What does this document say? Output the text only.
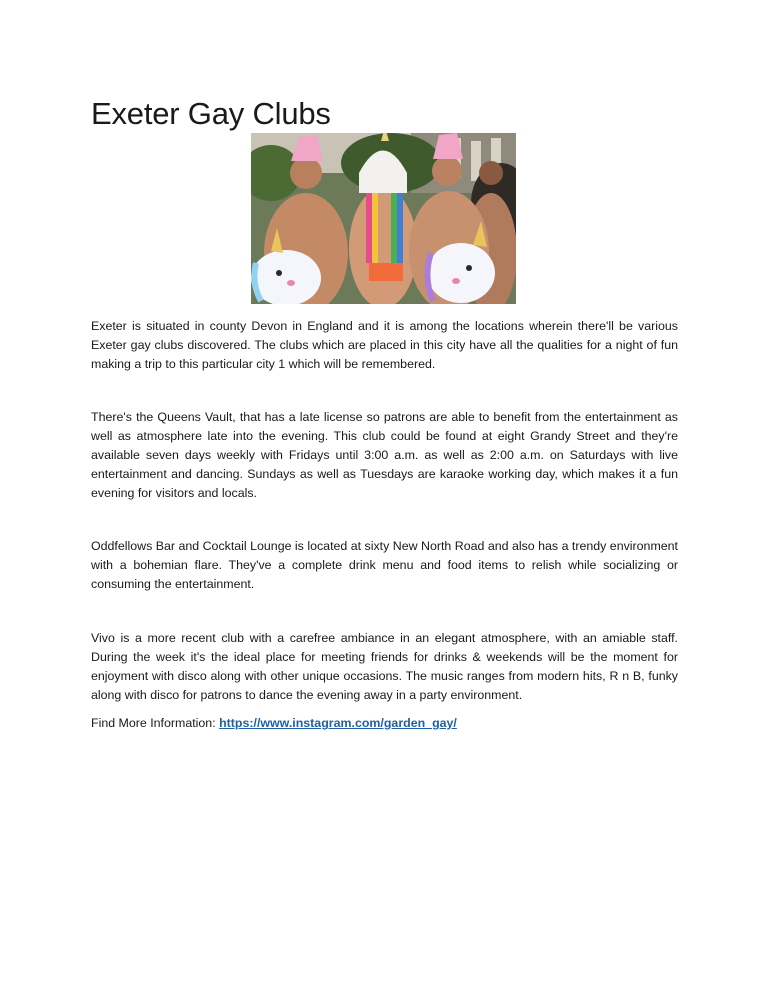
Exeter Gay Clubs

Exeter is situated in county Devon in England and it is among the locations wherein there'll be various Exeter gay clubs discovered. The clubs which are placed in this city have all the qualities for a night of fun making a trip to this particular city 1 which will be remembered.

There's the Queens Vault, that has a late license so patrons are able to benefit from the entertainment as well as atmosphere late into the evening. This club could be found at eight Grandy Street and they're available seven days weekly with Fridays until 3:00 a.m. as well as 2:00 a.m. on Saturdays with live entertainment and dancing. Sundays as well as Tuesdays are karaoke working day, which makes it a fun evening for visitors and locals.

Oddfellows Bar and Cocktail Lounge is located at sixty New North Road and also has a trendy environment with a bohemian flare. They've a complete drink menu and food items to relish while socializing or consuming the entertainment.

Vivo is a more recent club with a carefree ambiance in an elegant atmosphere, with an amiable staff. During the week it's the ideal place for meeting friends for drinks & weekends will be the moment for enjoyment with disco along with other unique occasions. The music ranges from modern hits, R n B, funky along with disco for patrons to dance the evening away in a party environment.

Find More Information: https://www.instagram.com/garden_gay/
